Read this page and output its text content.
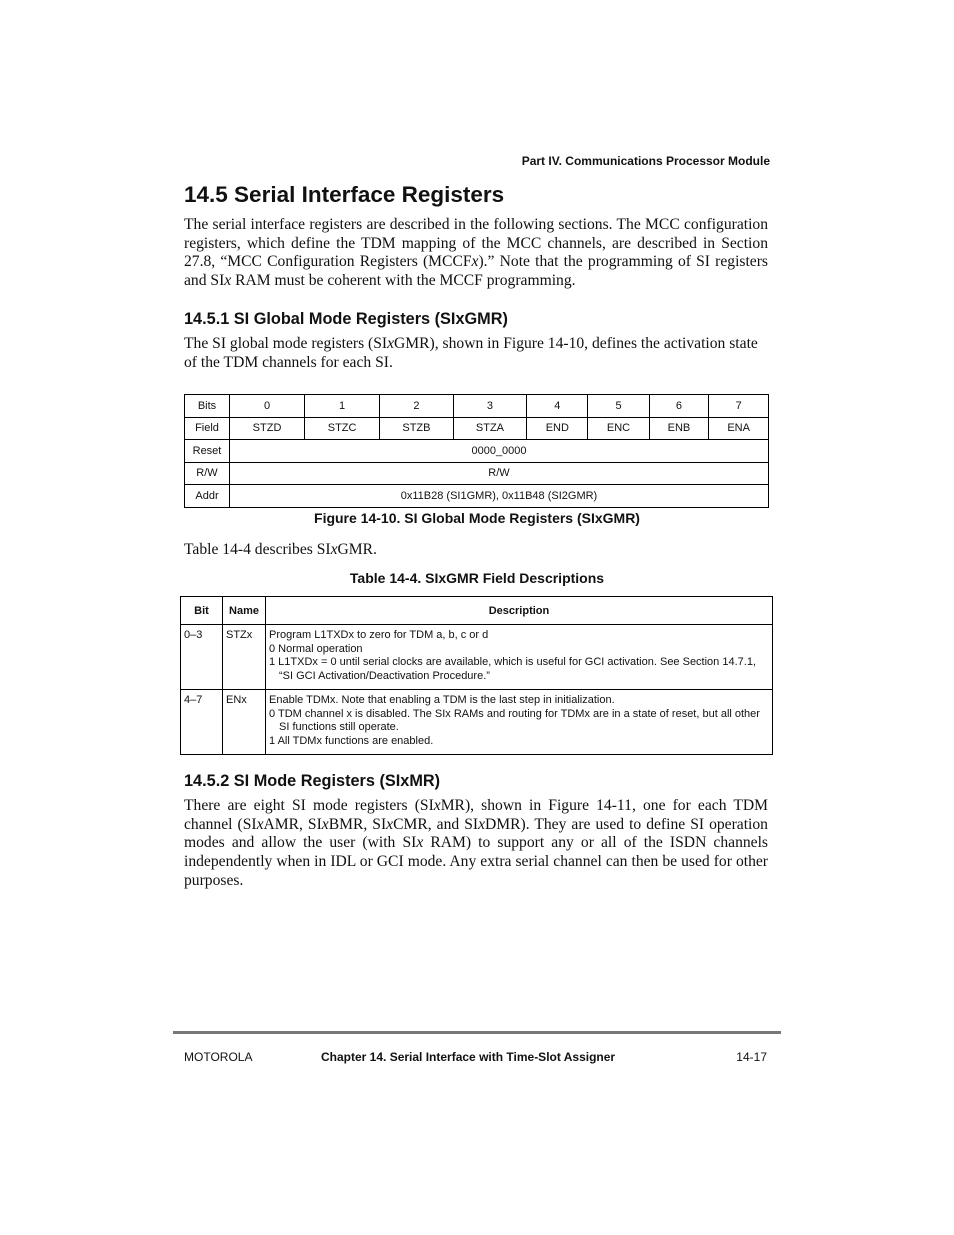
Part IV. Communications Processor Module
14.5 Serial Interface Registers

The serial interface registers are described in the following sections. The MCC configuration registers, which define the TDM mapping of the MCC channels, are described in Section 27.8, “MCC Configuration Registers (MCCFx).” Note that the programming of SI registers and SIx RAM must be coherent with the MCCF programming.

14.5.1 SI Global Mode Registers (SIxGMR)

The SI global mode registers (SIxGMR), shown in Figure 14-10, defines the activation state of the TDM channels for each SI.

Bits	0	1	2	3	4	5	6	7
Field	STZD	STZC	STZB	STZA	END	ENC	ENB	ENA
Reset	0000_0000							
R/W	R/W							
Addr	0x11B28 (SI1GMR), 0x11B48 (SI2GMR)							
Figure 14-10. SI Global Mode Registers (SIxGMR)

Table 14-4 describes SIxGMR.

Table 14-4. SIxGMR Field Descriptions
Bit	Name	Description
0–3	STZx	Program L1TXDx to zero for TDM a, b, c or d
0 Normal operation
1 L1TXDx = 0 until serial clocks are available, which is useful for GCI activation. See Section 14.7.1, “SI GCI Activation/Deactivation Procedure.”

4–7	ENx	Enable TDMx. Note that enabling a TDM is the last step in initialization.
0 TDM channel x is disabled. The SIx RAMs and routing for TDMx are in a state of reset, but all other SI functions still operate.
1 All TDMx functions are enabled.
14.5.2 SI Mode Registers (SIxMR)

There are eight SI mode registers (SIxMR), shown in Figure 14-11, one for each TDM channel (SIxAMR, SIxBMR, SIxCMR, and SIxDMR). They are used to define SI operation modes and allow the user (with SIx RAM) to support any or all of the ISDN channels independently when in IDL or GCI mode. Any extra serial channel can then be used for other purposes.

MOTOROLA	Chapter 14. Serial Interface with Time-Slot Assigner	14-17
